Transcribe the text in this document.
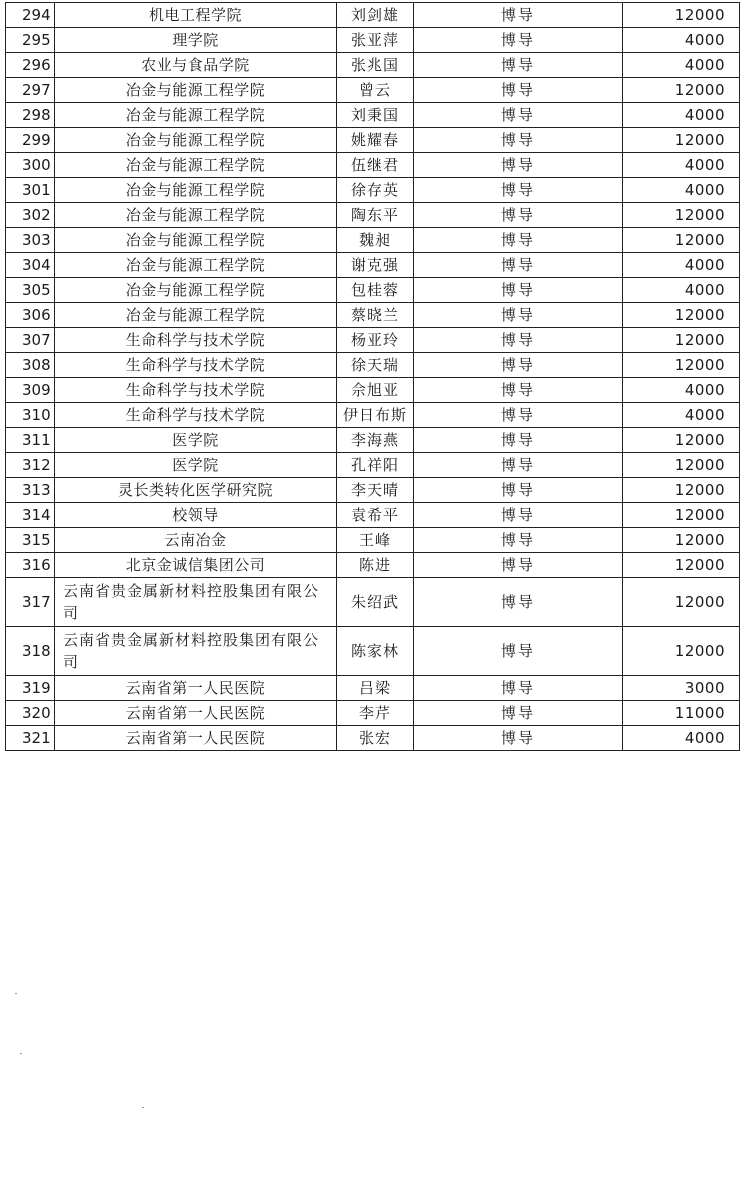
294	机电工程学院	刘剑雄	博导	12000
295	理学院	张亚萍	博导	4000
296	农业与食品学院	张兆国	博导	4000
297	冶金与能源工程学院	曾云	博导	12000
298	冶金与能源工程学院	刘秉国	博导	4000
299	冶金与能源工程学院	姚耀春	博导	12000
300	冶金与能源工程学院	伍继君	博导	4000
301	冶金与能源工程学院	徐存英	博导	4000
302	冶金与能源工程学院	陶东平	博导	12000
303	冶金与能源工程学院	魏昶	博导	12000
304	冶金与能源工程学院	谢克强	博导	4000
305	冶金与能源工程学院	包桂蓉	博导	4000
306	冶金与能源工程学院	蔡晓兰	博导	12000
307	生命科学与技术学院	杨亚玲	博导	12000
308	生命科学与技术学院	徐天瑞	博导	12000
309	生命科学与技术学院	佘旭亚	博导	4000
310	生命科学与技术学院	伊日布斯	博导	4000
311	医学院	李海燕	博导	12000
312	医学院	孔祥阳	博导	12000
313	灵长类转化医学研究院	李天晴	博导	12000
314	校领导	袁希平	博导	12000
315	云南冶金	王峰	博导	12000
316	北京金诚信集团公司	陈进	博导	12000
317	云南省贵金属新材料控股集团有限公司	朱绍武	博导	12000
318	云南省贵金属新材料控股集团有限公司	陈家林	博导	12000
319	云南省第一人民医院	吕梁	博导	3000
320	云南省第一人民医院	李芹	博导	11000
321	云南省第一人民医院	张宏	博导	4000
